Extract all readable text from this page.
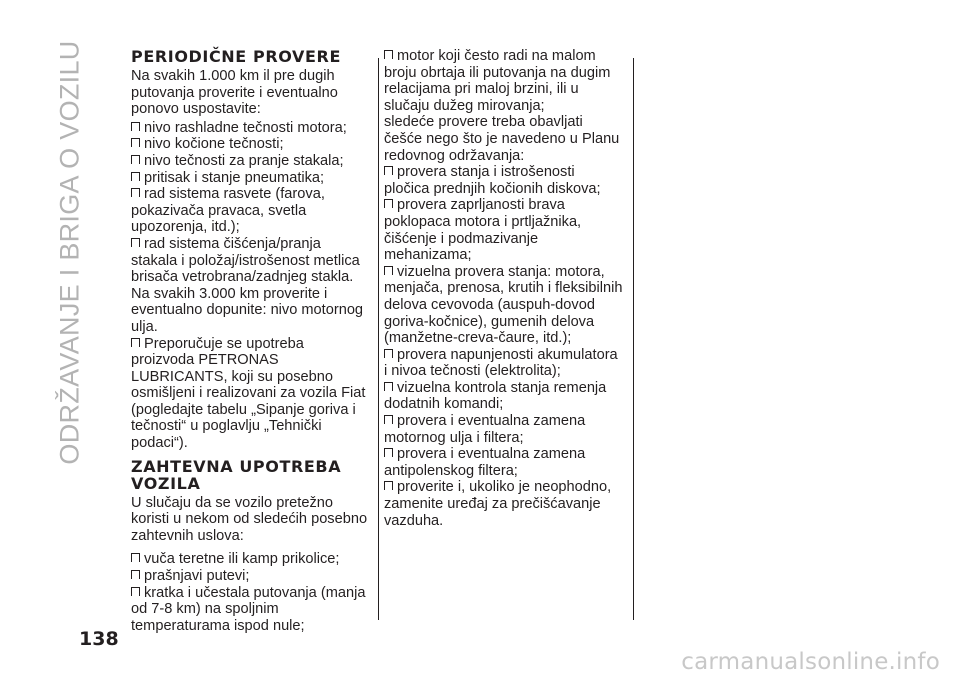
ODRŽAVANJE I BRIGA O VOZILU	PERIODIČNE PROVERE

Na svakih 1.000 km il pre dugih putovanja proverite i eventualno ponovo uspostavite:

nivo rashladne tečnosti motora;

nivo kočione tečnosti;

nivo tečnosti za pranje stakala;

pritisak i stanje pneumatika;

rad sistema rasvete (farova, pokazivača pravaca, svetla upozorenja, itd.);

rad sistema čišćenja/pranja stakala i položaj/istrošenost metlica brisača vetrobrana/zadnjeg stakla. Na svakih 3.000 km proverite i eventualno dopunite: nivo motornog ulja.

Preporučuje se upotreba proizvoda PETRONAS LUBRICANTS, koji su posebno osmišljeni i realizovani za vozila Fiat (pogledajte tabelu „Sipanje goriva i tečnosti“ u poglavlju „Tehnički podaci“).

ZAHTEVNA UPOTREBA VOZILA

U slučaju da se vozilo pretežno koristi u nekom od sledećih posebno zahtevnih uslova:

vuča teretne ili kamp prikolice;

prašnjavi putevi;

kratka i učestala putovanja (manja od 7-8 km) na spoljnim temperaturama ispod nule;

motor koji često radi na malom broju obrtaja ili putovanja na dugim relacijama pri maloj brzini, ili u slučaju dužeg mirovanja;

sledeće provere treba obavljati češće nego što je navedeno u Planu redovnog održavanja:

provera stanja i istrošenosti pločica prednjih kočionih diskova;

provera zaprljanosti brava poklopaca motora i prtljažnika, čišćenje i podmazivanje mehanizama;

vizuelna provera stanja: motora, menjača, prenosa, krutih i fleksibilnih delova cevovoda (auspuh-dovod goriva-kočnice), gumenih delova (manžetne-creva-čaure, itd.);

provera napunjenosti akumulatora i nivoa tečnosti (elektrolita);

vizuelna kontrola stanja remenja dodatnih komandi;

provera i eventualna zamena motornog ulja i filtera;

provera i eventualna zamena antipolenskog filtera;

proverite i, ukoliko je neophodno, zamenite uređaj za prečišćavanje vazduha.

138
carmanualsonline.info
